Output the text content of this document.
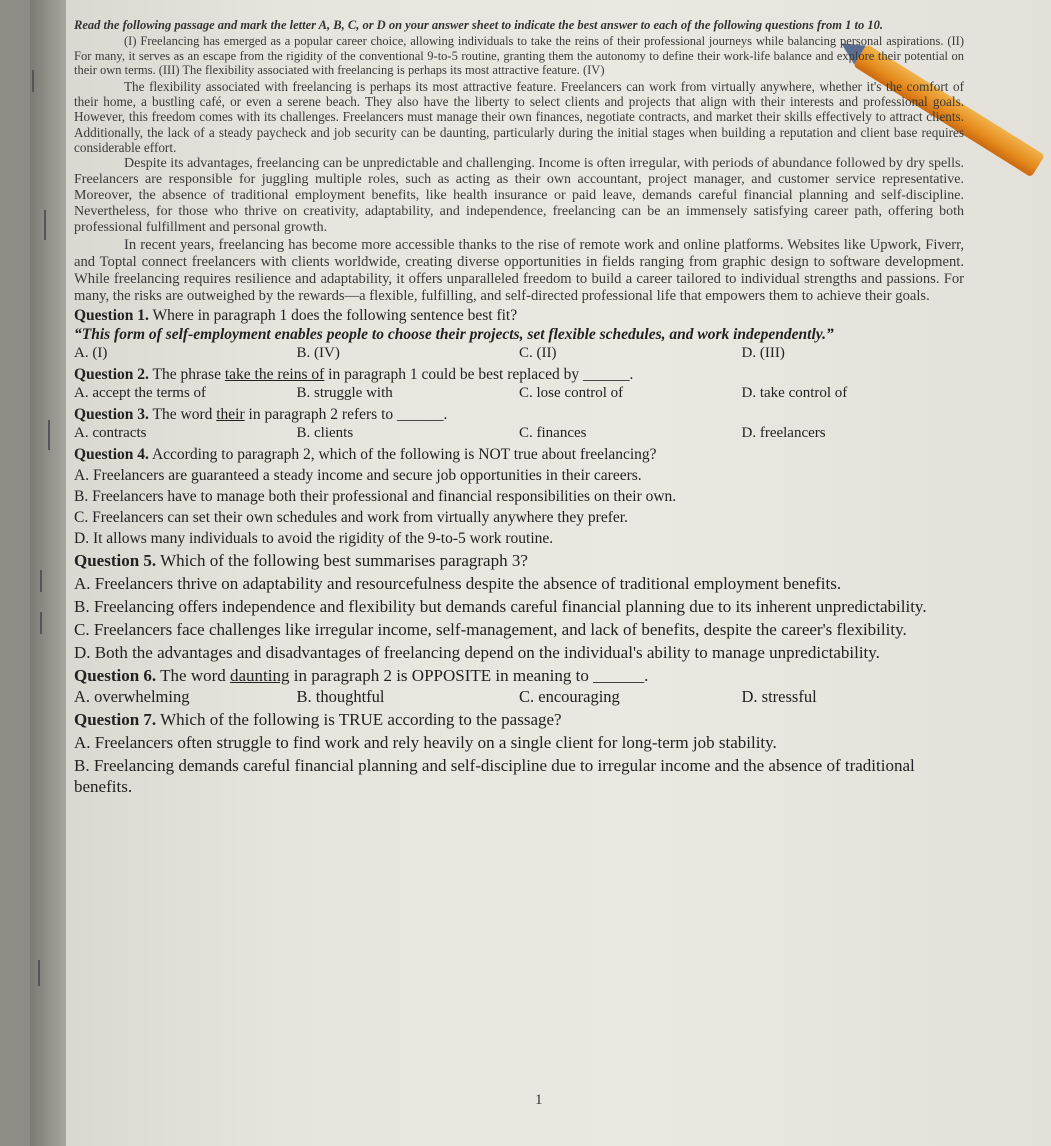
Read the following passage and mark the letter A, B, C, or D on your answer sheet to indicate the best answer to each of the following questions from 1 to 10.

(I) Freelancing has emerged as a popular career choice, allowing individuals to take the reins of their professional journeys while balancing personal aspirations. (II) For many, it serves as an escape from the rigidity of the conventional 9-to-5 routine, granting them the autonomy to define their work-life balance and explore their potential on their own terms. (III) The flexibility associated with freelancing is perhaps its most attractive feature. (IV)

The flexibility associated with freelancing is perhaps its most attractive feature. Freelancers can work from virtually anywhere, whether it's the comfort of their home, a bustling café, or even a serene beach. They also have the liberty to select clients and projects that align with their interests and professional goals. However, this freedom comes with its challenges. Freelancers must manage their own finances, negotiate contracts, and market their skills effectively to attract clients. Additionally, the lack of a steady paycheck and job security can be daunting, particularly during the initial stages when building a reputation and client base requires considerable effort.

Despite its advantages, freelancing can be unpredictable and challenging. Income is often irregular, with periods of abundance followed by dry spells. Freelancers are responsible for juggling multiple roles, such as acting as their own accountant, project manager, and customer service representative. Moreover, the absence of traditional employment benefits, like health insurance or paid leave, demands careful financial planning and self-discipline. Nevertheless, for those who thrive on creativity, adaptability, and independence, freelancing can be an immensely satisfying career path, offering both professional fulfillment and personal growth.

In recent years, freelancing has become more accessible thanks to the rise of remote work and online platforms. Websites like Upwork, Fiverr, and Toptal connect freelancers with clients worldwide, creating diverse opportunities in fields ranging from graphic design to software development. While freelancing requires resilience and adaptability, it offers unparalleled freedom to build a career tailored to individual strengths and passions. For many, the risks are outweighed by the rewards—a flexible, fulfilling, and self-directed professional life that empowers them to achieve their goals.

Question 1. Where in paragraph 1 does the following sentence best fit?
“This form of self-employment enables people to choose their projects, set flexible schedules, and work independently.”
A. (I)	B. (IV)	C. (II)	D. (III)
Question 2. The phrase take the reins of in paragraph 1 could be best replaced by ______.
A. accept the terms of	B. struggle with	C. lose control of	D. take control of
Question 3. The word their in paragraph 2 refers to ______.
A. contracts	B. clients	C. finances	D. freelancers
Question 4. According to paragraph 2, which of the following is NOT true about freelancing?
A. Freelancers are guaranteed a steady income and secure job opportunities in their careers.
B. Freelancers have to manage both their professional and financial responsibilities on their own.
C. Freelancers can set their own schedules and work from virtually anywhere they prefer.
D. It allows many individuals to avoid the rigidity of the 9-to-5 work routine.
Question 5. Which of the following best summarises paragraph 3?
A. Freelancers thrive on adaptability and resourcefulness despite the absence of traditional employment benefits.
B. Freelancing offers independence and flexibility but demands careful financial planning due to its inherent unpredictability.
C. Freelancers face challenges like irregular income, self-management, and lack of benefits, despite the career's flexibility.
D. Both the advantages and disadvantages of freelancing depend on the individual's ability to manage unpredictability.
Question 6. The word daunting in paragraph 2 is OPPOSITE in meaning to ______.
A. overwhelming	B. thoughtful	C. encouraging	D. stressful
Question 7. Which of the following is TRUE according to the passage?
A. Freelancers often struggle to find work and rely heavily on a single client for long-term job stability.
B. Freelancing demands careful financial planning and self-discipline due to irregular income and the absence of traditional benefits.
1
